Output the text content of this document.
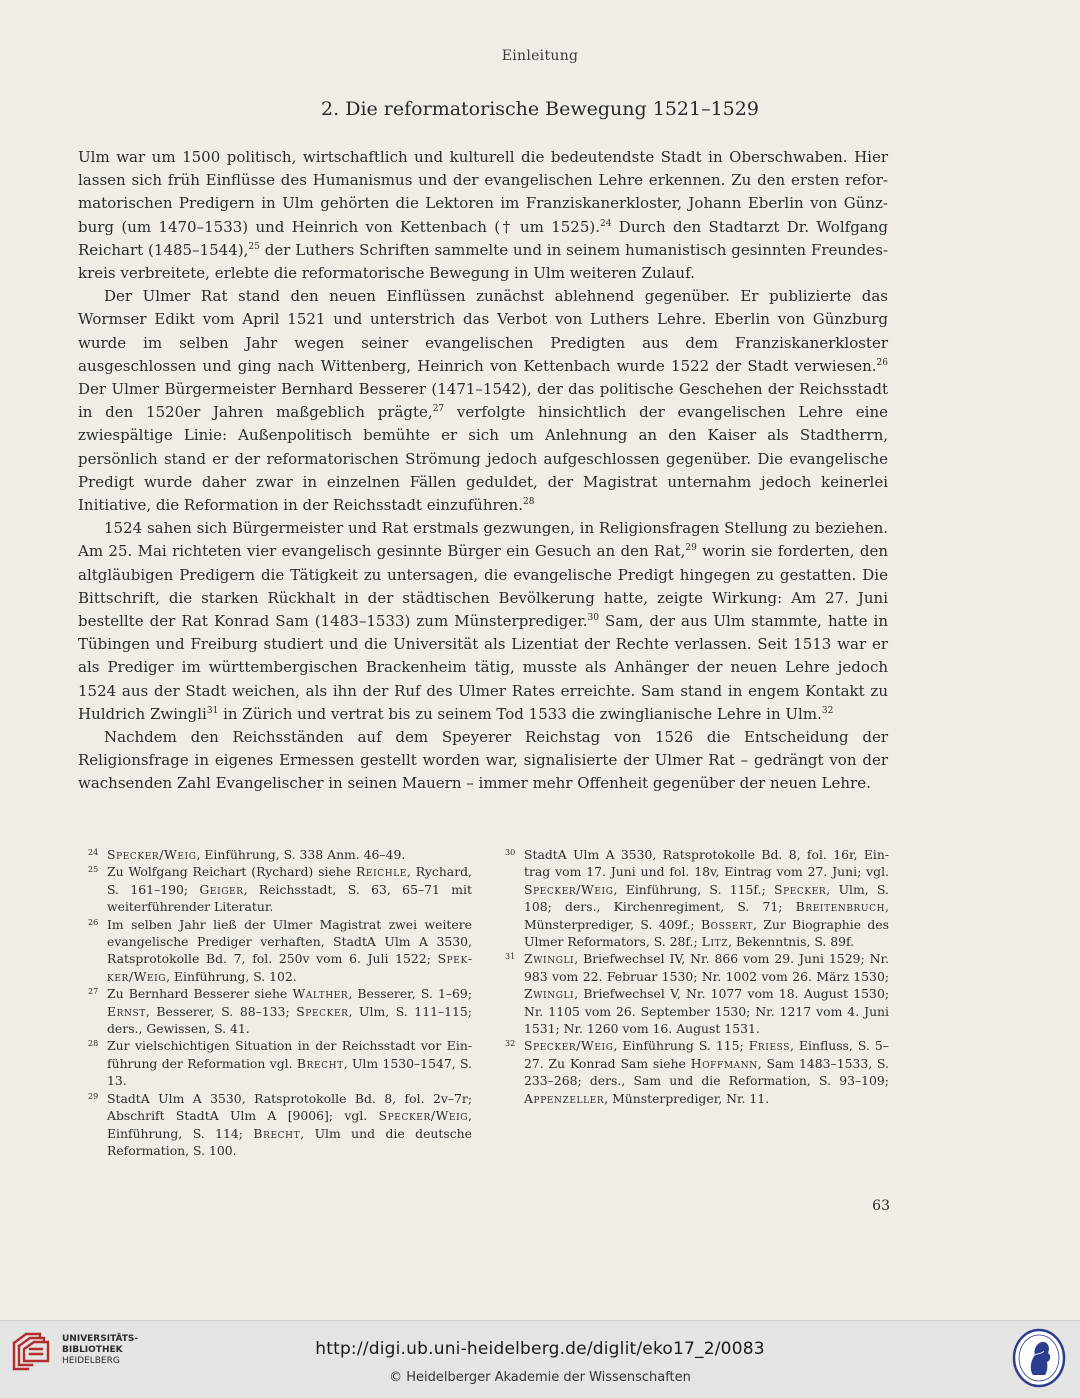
Einleitung
2. Die reformatorische Bewegung 1521–1529

Ulm war um 1500 politisch, wirtschaftlich und kulturell die bedeutendste Stadt in Oberschwaben. Hier lassen sich früh Einflüsse des Humanismus und der evangelischen Lehre erkennen. Zu den ersten reformatorischen Predigern in Ulm gehörten die Lektoren im Franziskanerkloster, Johann Eberlin von Günzburg (um 1470–1533) und Heinrich von Kettenbach († um 1525).$^{24}$ Durch den Stadtarzt Dr. Wolfgang Reichart (1485–1544),$^{25}$ der Luthers Schriften sammelte und in seinem humanistisch gesinnten Freundeskreis verbreitete, erlebte die reformatorische Bewegung in Ulm weiteren Zulauf.

Der Ulmer Rat stand den neuen Einflüssen zunächst ablehnend gegenüber. Er publizierte das Wormser Edikt vom April 1521 und unterstrich das Verbot von Luthers Lehre. Eberlin von Günzburg wurde im selben Jahr wegen seiner evangelischen Predigten aus dem Franziskanerkloster ausgeschlossen und ging nach Wittenberg, Heinrich von Kettenbach wurde 1522 der Stadt verwiesen.$^{26}$ Der Ulmer Bürgermeister Bernhard Besserer (1471–1542), der das politische Geschehen der Reichsstadt in den 1520er Jahren maßgeblich prägte,$^{27}$ verfolgte hinsichtlich der evangelischen Lehre eine zwiespältige Linie: Außenpolitisch bemühte er sich um Anlehnung an den Kaiser als Stadtherrn, persönlich stand er der reformatorischen Strömung jedoch aufgeschlossen gegenüber. Die evangelische Predigt wurde daher zwar in einzelnen Fällen geduldet, der Magistrat unternahm jedoch keinerlei Initiative, die Reformation in der Reichsstadt einzuführen.$^{28}$

1524 sahen sich Bürgermeister und Rat erstmals gezwungen, in Religionsfragen Stellung zu beziehen. Am 25. Mai richteten vier evangelisch gesinnte Bürger ein Gesuch an den Rat,$^{29}$ worin sie forderten, den altgläubigen Predigern die Tätigkeit zu untersagen, die evangelische Predigt hingegen zu gestatten. Die Bittschrift, die starken Rückhalt in der städtischen Bevölkerung hatte, zeigte Wirkung: Am 27. Juni bestellte der Rat Konrad Sam (1483–1533) zum Münsterprediger.$^{30}$ Sam, der aus Ulm stammte, hatte in Tübingen und Freiburg studiert und die Universität als Lizentiat der Rechte verlassen. Seit 1513 war er als Prediger im württembergischen Brackenheim tätig, musste als Anhänger der neuen Lehre jedoch 1524 aus der Stadt weichen, als ihn der Ruf des Ulmer Rates erreichte. Sam stand in engem Kontakt zu Huldrich Zwingli$^{31}$ in Zürich und vertrat bis zu seinem Tod 1533 die zwinglianische Lehre in Ulm.$^{32}$

Nachdem den Reichsständen auf dem Speyerer Reichstag von 1526 die Entscheidung der Religionsfrage in eigenes Ermessen gestellt worden war, signalisierte der Ulmer Rat – gedrängt von der wachsenden Zahl Evangelischer in seinen Mauern – immer mehr Offenheit gegenüber der neuen Lehre.

24 Specker/Weig, Einführung, S. 338 Anm. 46–49.
25 Zu Wolfgang Reichart (Rychard) siehe Reichle, Rychard, S. 161–190; Geiger, Reichsstadt, S. 63, 65–71 mit weiterführender Literatur.
26 Im selben Jahr ließ der Ulmer Magistrat zwei weitere evangelische Prediger verhaften, StadtA Ulm A 3530, Ratsprotokolle Bd. 7, fol. 250v vom 6. Juli 1522; Spekker/Weig, Einführung, S. 102.
27 Zu Bernhard Besserer siehe Walther, Besserer, S. 1–69; Ernst, Besserer, S. 88–133; Specker, Ulm, S. 111–115; ders., Gewissen, S. 41.
28 Zur vielschichtigen Situation in der Reichsstadt vor Einführung der Reformation vgl. Brecht, Ulm 1530–1547, S. 13.
29 StadtA Ulm A 3530, Ratsprotokolle Bd. 8, fol. 2v–7r; Abschrift StadtA Ulm A [9006]; vgl. Specker/Weig, Einführung, S. 114; Brecht, Ulm und die deutsche Reformation, S. 100.
30 StadtA Ulm A 3530, Ratsprotokolle Bd. 8, fol. 16r, Eintrag vom 17. Juni und fol. 18v, Eintrag vom 27. Juni; vgl. Specker/Weig, Einführung, S. 115f.; Specker, Ulm, S. 108; ders., Kirchenregiment, S. 71; Breitenbruch, Münsterprediger, S. 409f.; Bossert, Zur Biographie des Ulmer Reformators, S. 28f.; Litz, Bekenntnis, S. 89f.
31 Zwingli, Briefwechsel IV, Nr. 866 vom 29. Juni 1529; Nr. 983 vom 22. Februar 1530; Nr. 1002 vom 26. März 1530; Zwingli, Briefwechsel V, Nr. 1077 vom 18. August 1530; Nr. 1105 vom 26. September 1530; Nr. 1217 vom 4. Juni 1531; Nr. 1260 vom 16. August 1531.
32 Specker/Weig, Einführung S. 115; Friess, Einfluss, S. 5–27. Zu Konrad Sam siehe Hoffmann, Sam 1483–1533, S. 233–268; ders., Sam und die Reformation, S. 93–109; Appenzeller, Münsterprediger, Nr. 11.
63
UNIVERSITÄTS-
BIBLIOTHEK
HEIDELBERG
http://digi.ub.uni-heidelberg.de/diglit/eko17_2/0083
© Heidelberger Akademie der Wissenschaften
